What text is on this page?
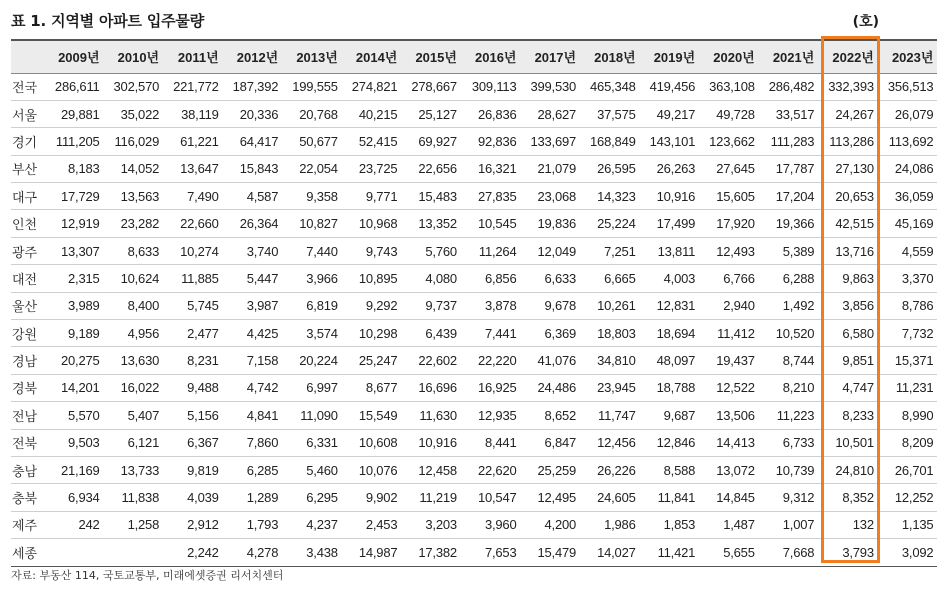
표 1. 지역별 아파트 입주물량	(호)
	2009년	2010년	2011년	2012년	2013년	2014년	2015년	2016년	2017년	2018년	2019년	2020년	2021년	2022년	2023년
전국	286,611	302,570	221,772	187,392	199,555	274,821	278,667	309,113	399,530	465,348	419,456	363,108	286,482	332,393	356,513
서울	29,881	35,022	38,119	20,336	20,768	40,215	25,127	26,836	28,627	37,575	49,217	49,728	33,517	24,267	26,079
경기	111,205	116,029	61,221	64,417	50,677	52,415	69,927	92,836	133,697	168,849	143,101	123,662	111,283	113,286	113,692
부산	8,183	14,052	13,647	15,843	22,054	23,725	22,656	16,321	21,079	26,595	26,263	27,645	17,787	27,130	24,086
대구	17,729	13,563	7,490	4,587	9,358	9,771	15,483	27,835	23,068	14,323	10,916	15,605	17,204	20,653	36,059
인천	12,919	23,282	22,660	26,364	10,827	10,968	13,352	10,545	19,836	25,224	17,499	17,920	19,366	42,515	45,169
광주	13,307	8,633	10,274	3,740	7,440	9,743	5,760	11,264	12,049	7,251	13,811	12,493	5,389	13,716	4,559
대전	2,315	10,624	11,885	5,447	3,966	10,895	4,080	6,856	6,633	6,665	4,003	6,766	6,288	9,863	3,370
울산	3,989	8,400	5,745	3,987	6,819	9,292	9,737	3,878	9,678	10,261	12,831	2,940	1,492	3,856	8,786
강원	9,189	4,956	2,477	4,425	3,574	10,298	6,439	7,441	6,369	18,803	18,694	11,412	10,520	6,580	7,732
경남	20,275	13,630	8,231	7,158	20,224	25,247	22,602	22,220	41,076	34,810	48,097	19,437	8,744	9,851	15,371
경북	14,201	16,022	9,488	4,742	6,997	8,677	16,696	16,925	24,486	23,945	18,788	12,522	8,210	4,747	11,231
전남	5,570	5,407	5,156	4,841	11,090	15,549	11,630	12,935	8,652	11,747	9,687	13,506	11,223	8,233	8,990
전북	9,503	6,121	6,367	7,860	6,331	10,608	10,916	8,441	6,847	12,456	12,846	14,413	6,733	10,501	8,209
충남	21,169	13,733	9,819	6,285	5,460	10,076	12,458	22,620	25,259	26,226	8,588	13,072	10,739	24,810	26,701
충북	6,934	11,838	4,039	1,289	6,295	9,902	11,219	10,547	12,495	24,605	11,841	14,845	9,312	8,352	12,252
제주	242	1,258	2,912	1,793	4,237	2,453	3,203	3,960	4,200	1,986	1,853	1,487	1,007	132	1,135
세종			2,242	4,278	3,438	14,987	17,382	7,653	15,479	14,027	11,421	5,655	7,668	3,793	3,092
자료: 부동산 114, 국토교통부, 미래에셋증권 리서치센터
